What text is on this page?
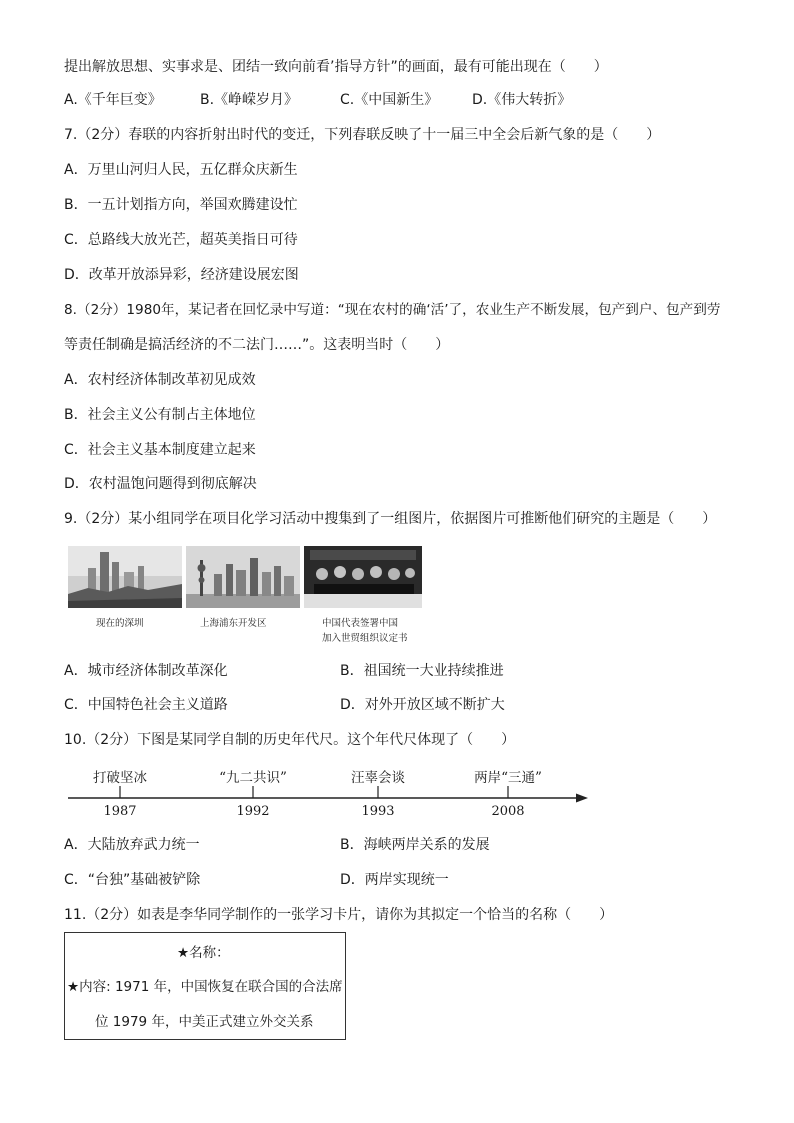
提出解放思想、实事求是、团结一致向前看’指导方针”的画面，最有可能出现在（　　）
A.《千年巨变》	B.《峥嵘岁月》	C.《中国新生》 D.《伟大转折》
7.（2分）春联的内容折射出时代的变迁，下列春联反映了十一届三中全会后新气象的是（　　）
A．万里山河归人民，五亿群众庆新生
B．一五计划指方向，举国欢腾建设忙
C．总路线大放光芒，超英美指日可待
D．改革开放添异彩，经济建设展宏图
8.（2分）1980年，某记者在回忆录中写道：“现在农村的确‘活’了，农业生产不断发展，包产到户、包产到劳
等责任制确是搞活经济的不二法门……”。这表明当时（　　）
A．农村经济体制改革初见成效
B．社会主义公有制占主体地位
C．社会主义基本制度建立起来
D．农村温饱问题得到彻底解决
9.（2分）某小组同学在项目化学习活动中搜集到了一组图片，依据图片可推断他们研究的主题是（　　）
现在的深圳	上海浦东开发区	中国代表签署中国
加入世贸组织议定书
A．城市经济体制改革深化	B．祖国统一大业持续推进
C．中国特色社会主义道路	D．对外开放区域不断扩大
10.（2分）下图是某同学自制的历史年代尺。这个年代尺体现了（　　）
打破坚冰	“九二共识”	汪辜会谈	两岸“三通”
1987	1992	1993	2008
A．大陆放弃武力统一	B．海峡两岸关系的发展
C．“台独”基础被铲除	D．两岸实现统一
11.（2分）如表是李华同学制作的一张学习卡片，请你为其拟定一个恰当的名称（　　）
★名称：
★内容: 1971 年，中国恢复在联合国的合法席
位 1979 年，中美正式建立外交关系
